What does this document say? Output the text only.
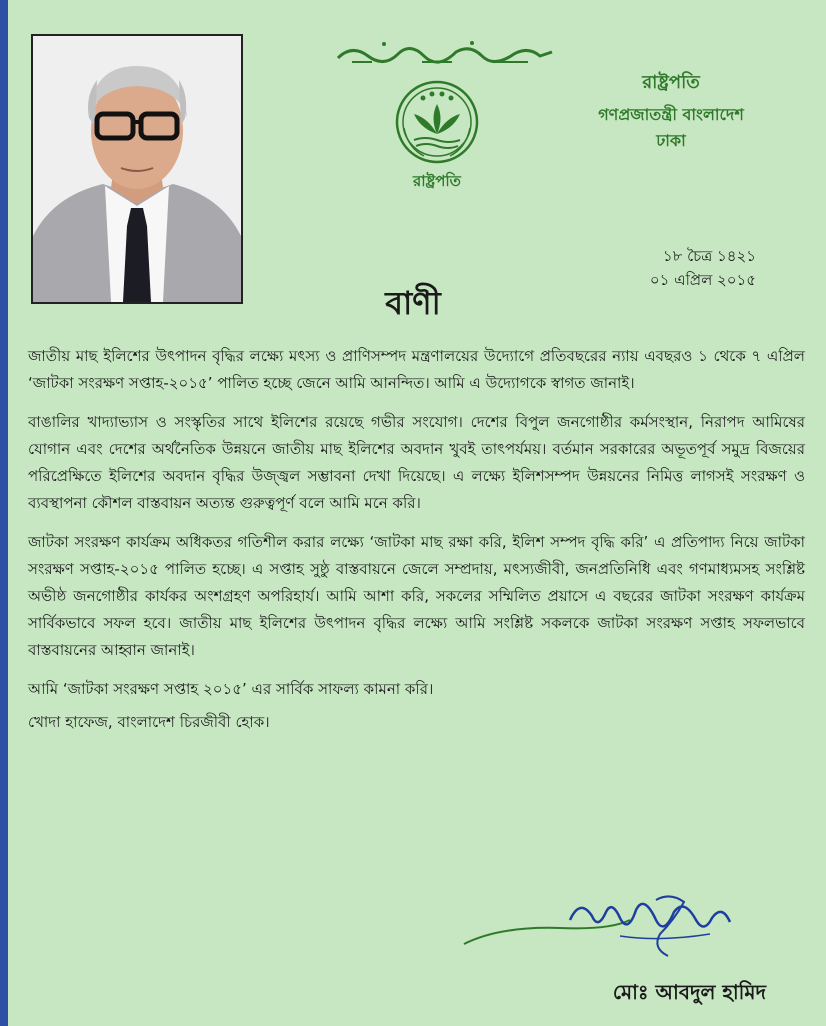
রাষ্ট্রপতি
রাষ্ট্রপতি
গণপ্রজাতন্ত্রী বাংলাদেশ
ঢাকা
১৮ চৈত্র ১৪২১
০১ এপ্রিল ২০১৫
বাণী

জাতীয় মাছ ইলিশের উৎপাদন বৃদ্ধির লক্ষ্যে মৎস্য ও প্রাণিসম্পদ মন্ত্রণালয়ের উদ্যোগে প্রতিবছরের ন্যায় এবছরও ১ থেকে ৭ এপ্রিল ‘জাটকা সংরক্ষণ সপ্তাহ-২০১৫’ পালিত হচ্ছে জেনে আমি আনন্দিত। আমি এ উদ্যোগকে স্বাগত জানাই।

বাঙালির খাদ্যাভ্যাস ও সংস্কৃতির সাথে ইলিশের রয়েছে গভীর সংযোগ। দেশের বিপুল জনগোষ্ঠীর কর্মসংস্থান, নিরাপদ আমিষের যোগান এবং দেশের অর্থনৈতিক উন্নয়নে জাতীয় মাছ ইলিশের অবদান খুবই তাৎপর্যময়। বর্তমান সরকারের অভূতপূর্ব সমুদ্র বিজয়ের পরিপ্রেক্ষিতে ইলিশের অবদান বৃদ্ধির উজ্জ্বল সম্ভাবনা দেখা দিয়েছে। এ লক্ষ্যে ইলিশসম্পদ উন্নয়নের নিমিত্ত লাগসই সংরক্ষণ ও ব্যবস্থাপনা কৌশল বাস্তবায়ন অত্যন্ত গুরুত্বপূর্ণ বলে আমি মনে করি।

জাটকা সংরক্ষণ কার্যক্রম অধিকতর গতিশীল করার লক্ষ্যে ‘জাটকা মাছ রক্ষা করি, ইলিশ সম্পদ বৃদ্ধি করি’ এ প্রতিপাদ্য নিয়ে জাটকা সংরক্ষণ সপ্তাহ-২০১৫ পালিত হচ্ছে। এ সপ্তাহ সুষ্ঠু বাস্তবায়নে জেলে সম্প্রদায়, মৎস্যজীবী, জনপ্রতিনিধি এবং গণমাধ্যমসহ সংশ্লিষ্ট অভীষ্ঠ জনগোষ্ঠীর কার্যকর অংশগ্রহণ অপরিহার্য। আমি আশা করি, সকলের সম্মিলিত প্রয়াসে এ বছরের জাটকা সংরক্ষণ কার্যক্রম সার্বিকভাবে সফল হবে। জাতীয় মাছ ইলিশের উৎপাদন বৃদ্ধির লক্ষ্যে আমি সংশ্লিষ্ট সকলকে জাটকা সংরক্ষণ সপ্তাহ সফলভাবে বাস্তবায়নের আহ্বান জানাই।

আমি ‘জাটকা সংরক্ষণ সপ্তাহ ২০১৫’ এর সার্বিক সাফল্য কামনা করি।

খোদা হাফেজ, বাংলাদেশ চিরজীবী হোক।

মোঃ আবদুল হামিদ
